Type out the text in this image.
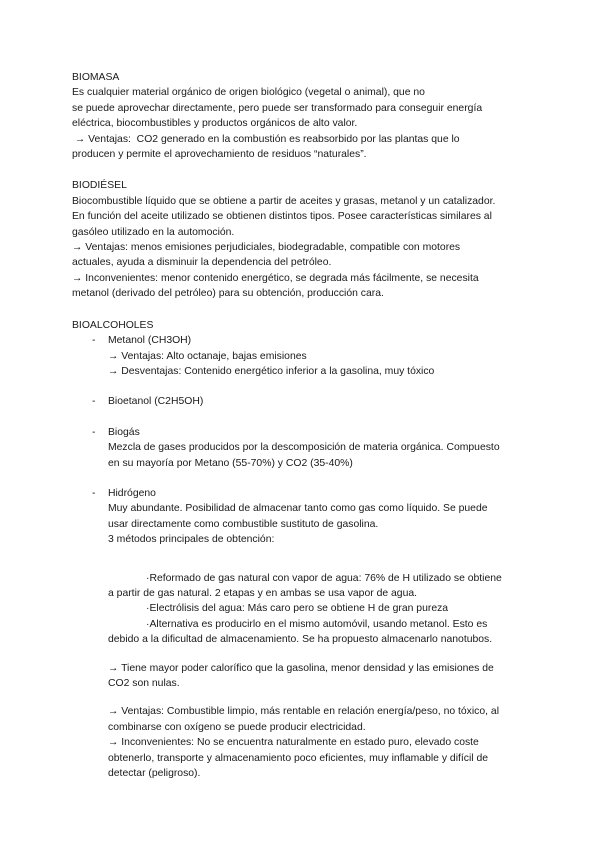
BIOMASA

Es cualquier material orgánico de origen biológico (vegetal o animal), que no

se puede aprovechar directamente, pero puede ser transformado para conseguir energía

eléctrica, biocombustibles y productos orgánicos de alto valor.

→ Ventajas:  CO2 generado en la combustión es reabsorbido por las plantas que lo

producen y permite el aprovechamiento de residuos “naturales”.

BIODIÉSEL

Biocombustible líquido que se obtiene a partir de aceites y grasas, metanol y un catalizador.

En función del aceite utilizado se obtienen distintos tipos. Posee características similares al

gasóleo utilizado en la automoción.

→ Ventajas: menos emisiones perjudiciales, biodegradable, compatible con motores

actuales, ayuda a disminuir la dependencia del petróleo.

→ Inconvenientes: menor contenido energético, se degrada más fácilmente, se necesita

metanol (derivado del petróleo) para su obtención, producción cara.

BIOALCOHOLES

- Metanol (CH3OH)

→ Ventajas: Alto octanaje, bajas emisiones

→ Desventajas: Contenido energético inferior a la gasolina, muy tóxico

- Bioetanol (C2H5OH)

- Biogás

Mezcla de gases producidos por la descomposición de materia orgánica. Compuesto

en su mayoría por Metano (55-70%) y CO2 (35-40%)

- Hidrógeno

Muy abundante. Posibilidad de almacenar tanto como gas como líquido. Se puede

usar directamente como combustible sustituto de gasolina.

3 métodos principales de obtención:

·Reformado de gas natural con vapor de agua: 76% de H utilizado se obtiene

a partir de gas natural. 2 etapas y en ambas se usa vapor de agua.

·Electrólisis del agua: Más caro pero se obtiene H de gran pureza

·Alternativa es producirlo en el mismo automóvil, usando metanol. Esto es

debido a la dificultad de almacenamiento. Se ha propuesto almacenarlo nanotubos.

→ Tiene mayor poder calorífico que la gasolina, menor densidad y las emisiones de

CO2 son nulas.

→ Ventajas: Combustible limpio, más rentable en relación energía/peso, no tóxico, al

combinarse con oxígeno se puede producir electricidad.

→ Inconvenientes: No se encuentra naturalmente en estado puro, elevado coste

obtenerlo, transporte y almacenamiento poco eficientes, muy inflamable y difícil de

detectar (peligroso).
